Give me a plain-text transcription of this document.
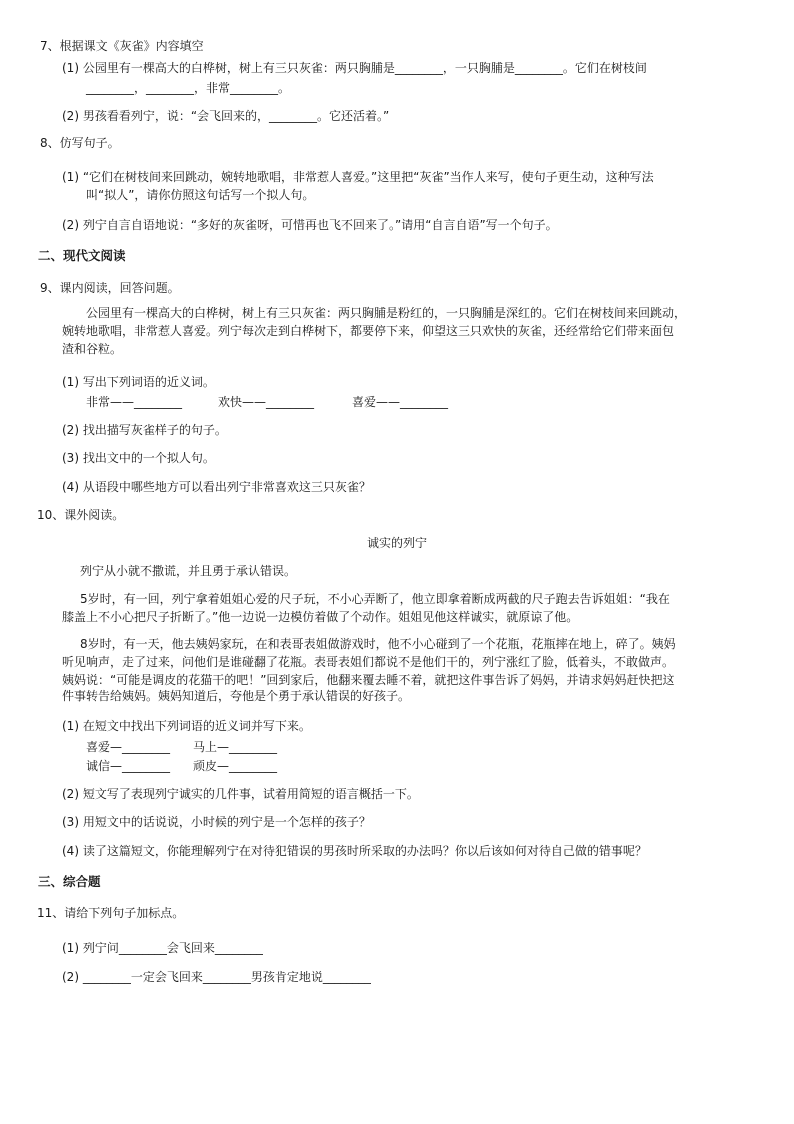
7、根据课文《灰雀》内容填空
(1) 公园里有一棵高大的白桦树，树上有三只灰雀：两只胸脯是________，一只胸脯是________。它们在树枝间
________，________，非常________。
(2) 男孩看看列宁，说：“会飞回来的，________。它还活着。”
8、仿写句子。
(1) “它们在树枝间来回跳动，婉转地歌唱，非常惹人喜爱。”这里把“灰雀”当作人来写，使句子更生动，这种写法
叫“拟人”，请你仿照这句话写一个拟人句。
(2) 列宁自言自语地说：“多好的灰雀呀，可惜再也飞不回来了。”请用“自言自语”写一个句子。
二、现代文阅读
9、课内阅读，回答问题。
公园里有一棵高大的白桦树，树上有三只灰雀：两只胸脯是粉红的，一只胸脯是深红的。它们在树枝间来回跳动，
婉转地歌唱，非常惹人喜爱。列宁每次走到白桦树下，都要停下来，仰望这三只欢快的灰雀，还经常给它们带来面包
渣和谷粒。
(1) 写出下列词语的近义词。
非常——________	欢快——________	喜爱——________
(2) 找出描写灰雀样子的句子。
(3) 找出文中的一个拟人句。
(4) 从语段中哪些地方可以看出列宁非常喜欢这三只灰雀？
10、课外阅读。
诚实的列宁
列宁从小就不撒谎，并且勇于承认错误。
5岁时，有一回，列宁拿着姐姐心爱的尺子玩，不小心弄断了，他立即拿着断成两截的尺子跑去告诉姐姐：“我在
膝盖上不小心把尺子折断了。”他一边说一边模仿着做了个动作。姐姐见他这样诚实，就原谅了他。
8岁时，有一天，他去姨妈家玩，在和表哥表姐做游戏时，他不小心碰到了一个花瓶，花瓶摔在地上，碎了。姨妈
听见响声，走了过来，问他们是谁碰翻了花瓶。表哥表姐们都说不是他们干的，列宁涨红了脸，低着头，不敢做声。
姨妈说：“可能是调皮的花猫干的吧！”回到家后，他翻来覆去睡不着，就把这件事告诉了妈妈，并请求妈妈赶快把这
件事转告给姨妈。姨妈知道后，夸他是个勇于承认错误的好孩子。
(1) 在短文中找出下列词语的近义词并写下来。
喜爱—________ 马上—________
诚信—________ 顽皮—________
(2) 短文写了表现列宁诚实的几件事，试着用简短的语言概括一下。
(3) 用短文中的话说说，小时候的列宁是一个怎样的孩子？
(4) 读了这篇短文，你能理解列宁在对待犯错误的男孩时所采取的办法吗？你以后该如何对待自己做的错事呢？
三、综合题
11、请给下列句子加标点。
(1) 列宁问________会飞回来________
(2) ________一定会飞回来________男孩肯定地说________
